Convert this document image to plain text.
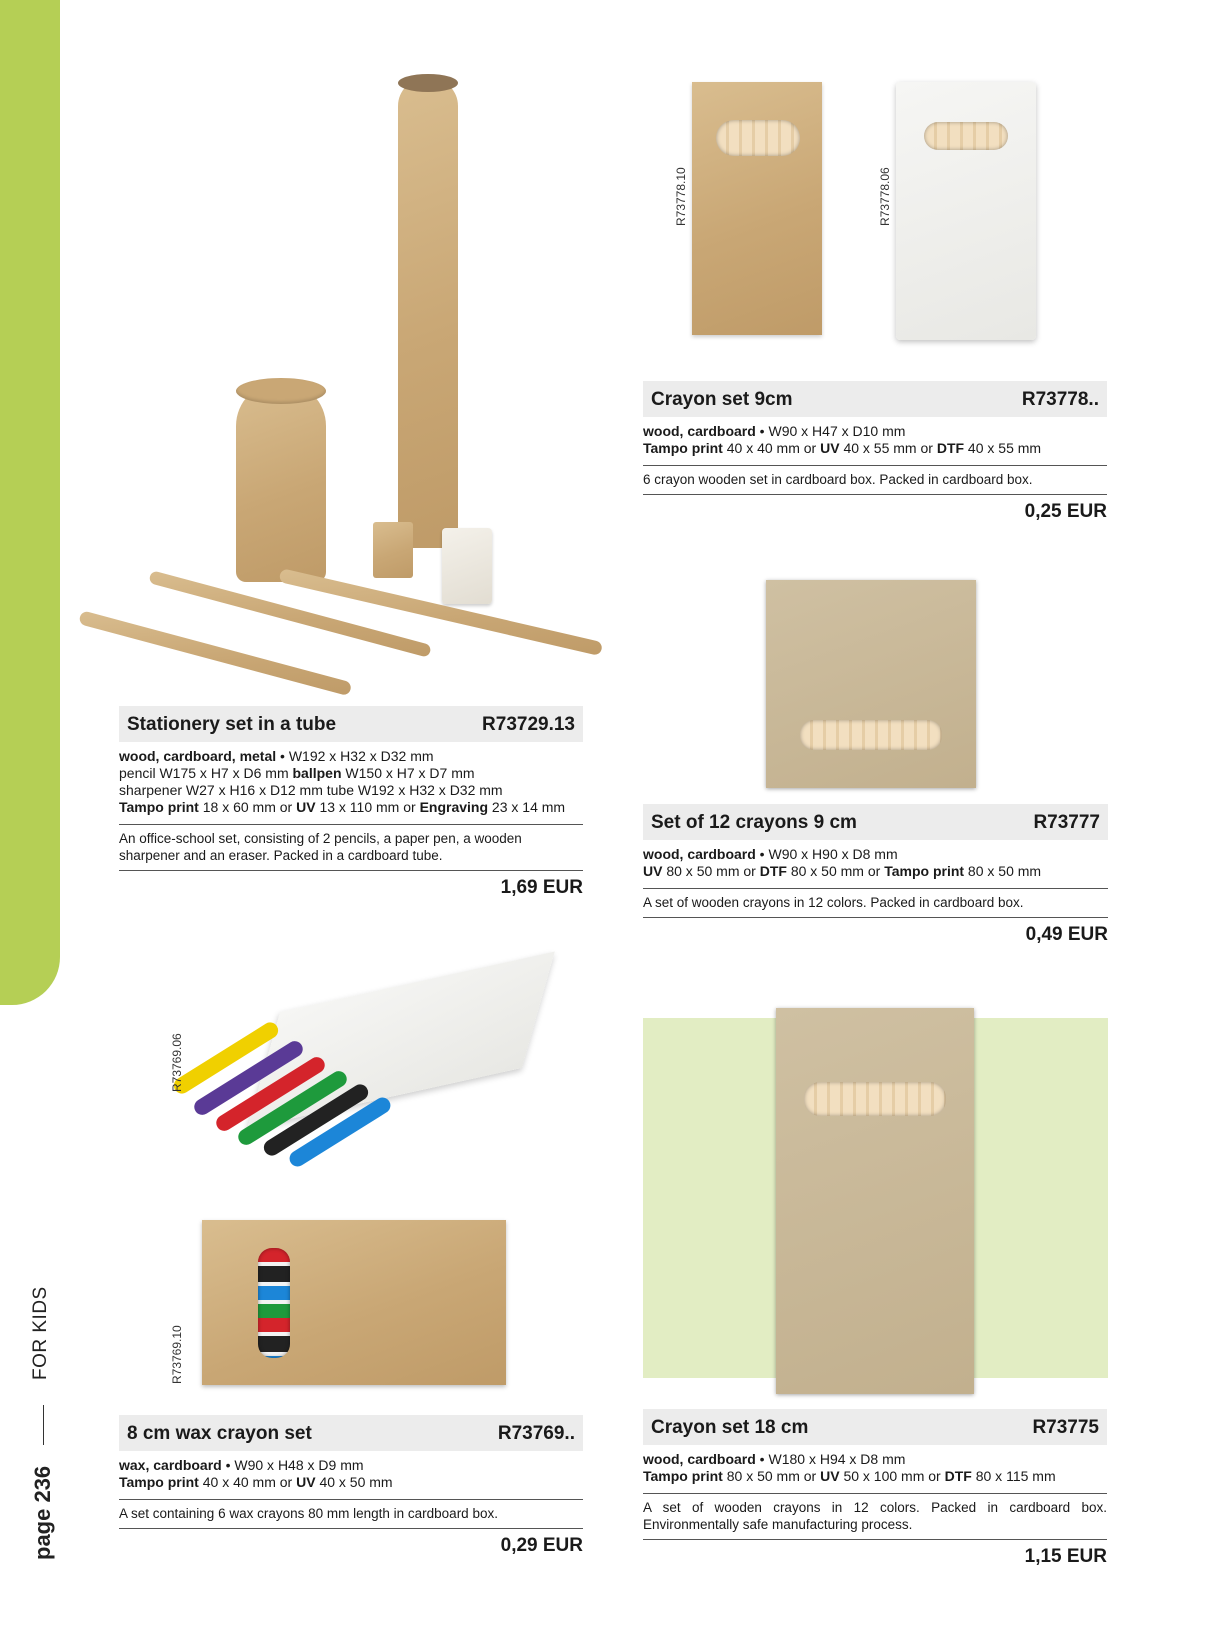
FOR KIDS
page 236
R73778.10	R73778.06
R73769.06
R73769.10
Crayon set 9cm	R73778..
wood, cardboard • W90 x H47 x D10 mm
Tampo print 40 x 40 mm or UV 40 x 55 mm or DTF 40 x 55 mm
6 crayon wooden set in cardboard box. Packed in cardboard box.
0,25 EUR
Stationery set in a tube	R73729.13
wood, cardboard, metal • W192 x H32 x D32 mm
pencil W175 x H7 x D6 mm ballpen W150 x H7 x D7 mm
sharpener W27 x H16 x D12 mm tube W192 x H32 x D32 mm
Tampo print 18 x 60 mm or UV 13 x 110 mm or Engraving 23 x 14 mm
An office-school set, consisting of 2 pencils, a paper pen, a wooden sharpener and an eraser. Packed in a cardboard tube.
1,69 EUR
Set of 12 crayons 9 cm	R73777
wood, cardboard • W90 x H90 x D8 mm
UV 80 x 50 mm or DTF 80 x 50 mm or Tampo print 80 x 50 mm
A set of wooden crayons in 12 colors. Packed in cardboard box.
0,49 EUR
8 cm wax crayon set	R73769..
wax, cardboard • W90 x H48 x D9 mm
Tampo print 40 x 40 mm or UV 40 x 50 mm
A set containing 6 wax crayons 80 mm length in cardboard box.
0,29 EUR
Crayon set 18 cm	R73775
wood, cardboard • W180 x H94 x D8 mm
Tampo print 80 x 50 mm or UV 50 x 100 mm or DTF 80 x 115 mm
A set of wooden crayons in 12 colors. Packed in cardboard box. Environmentally safe manufacturing process.
1,15 EUR
